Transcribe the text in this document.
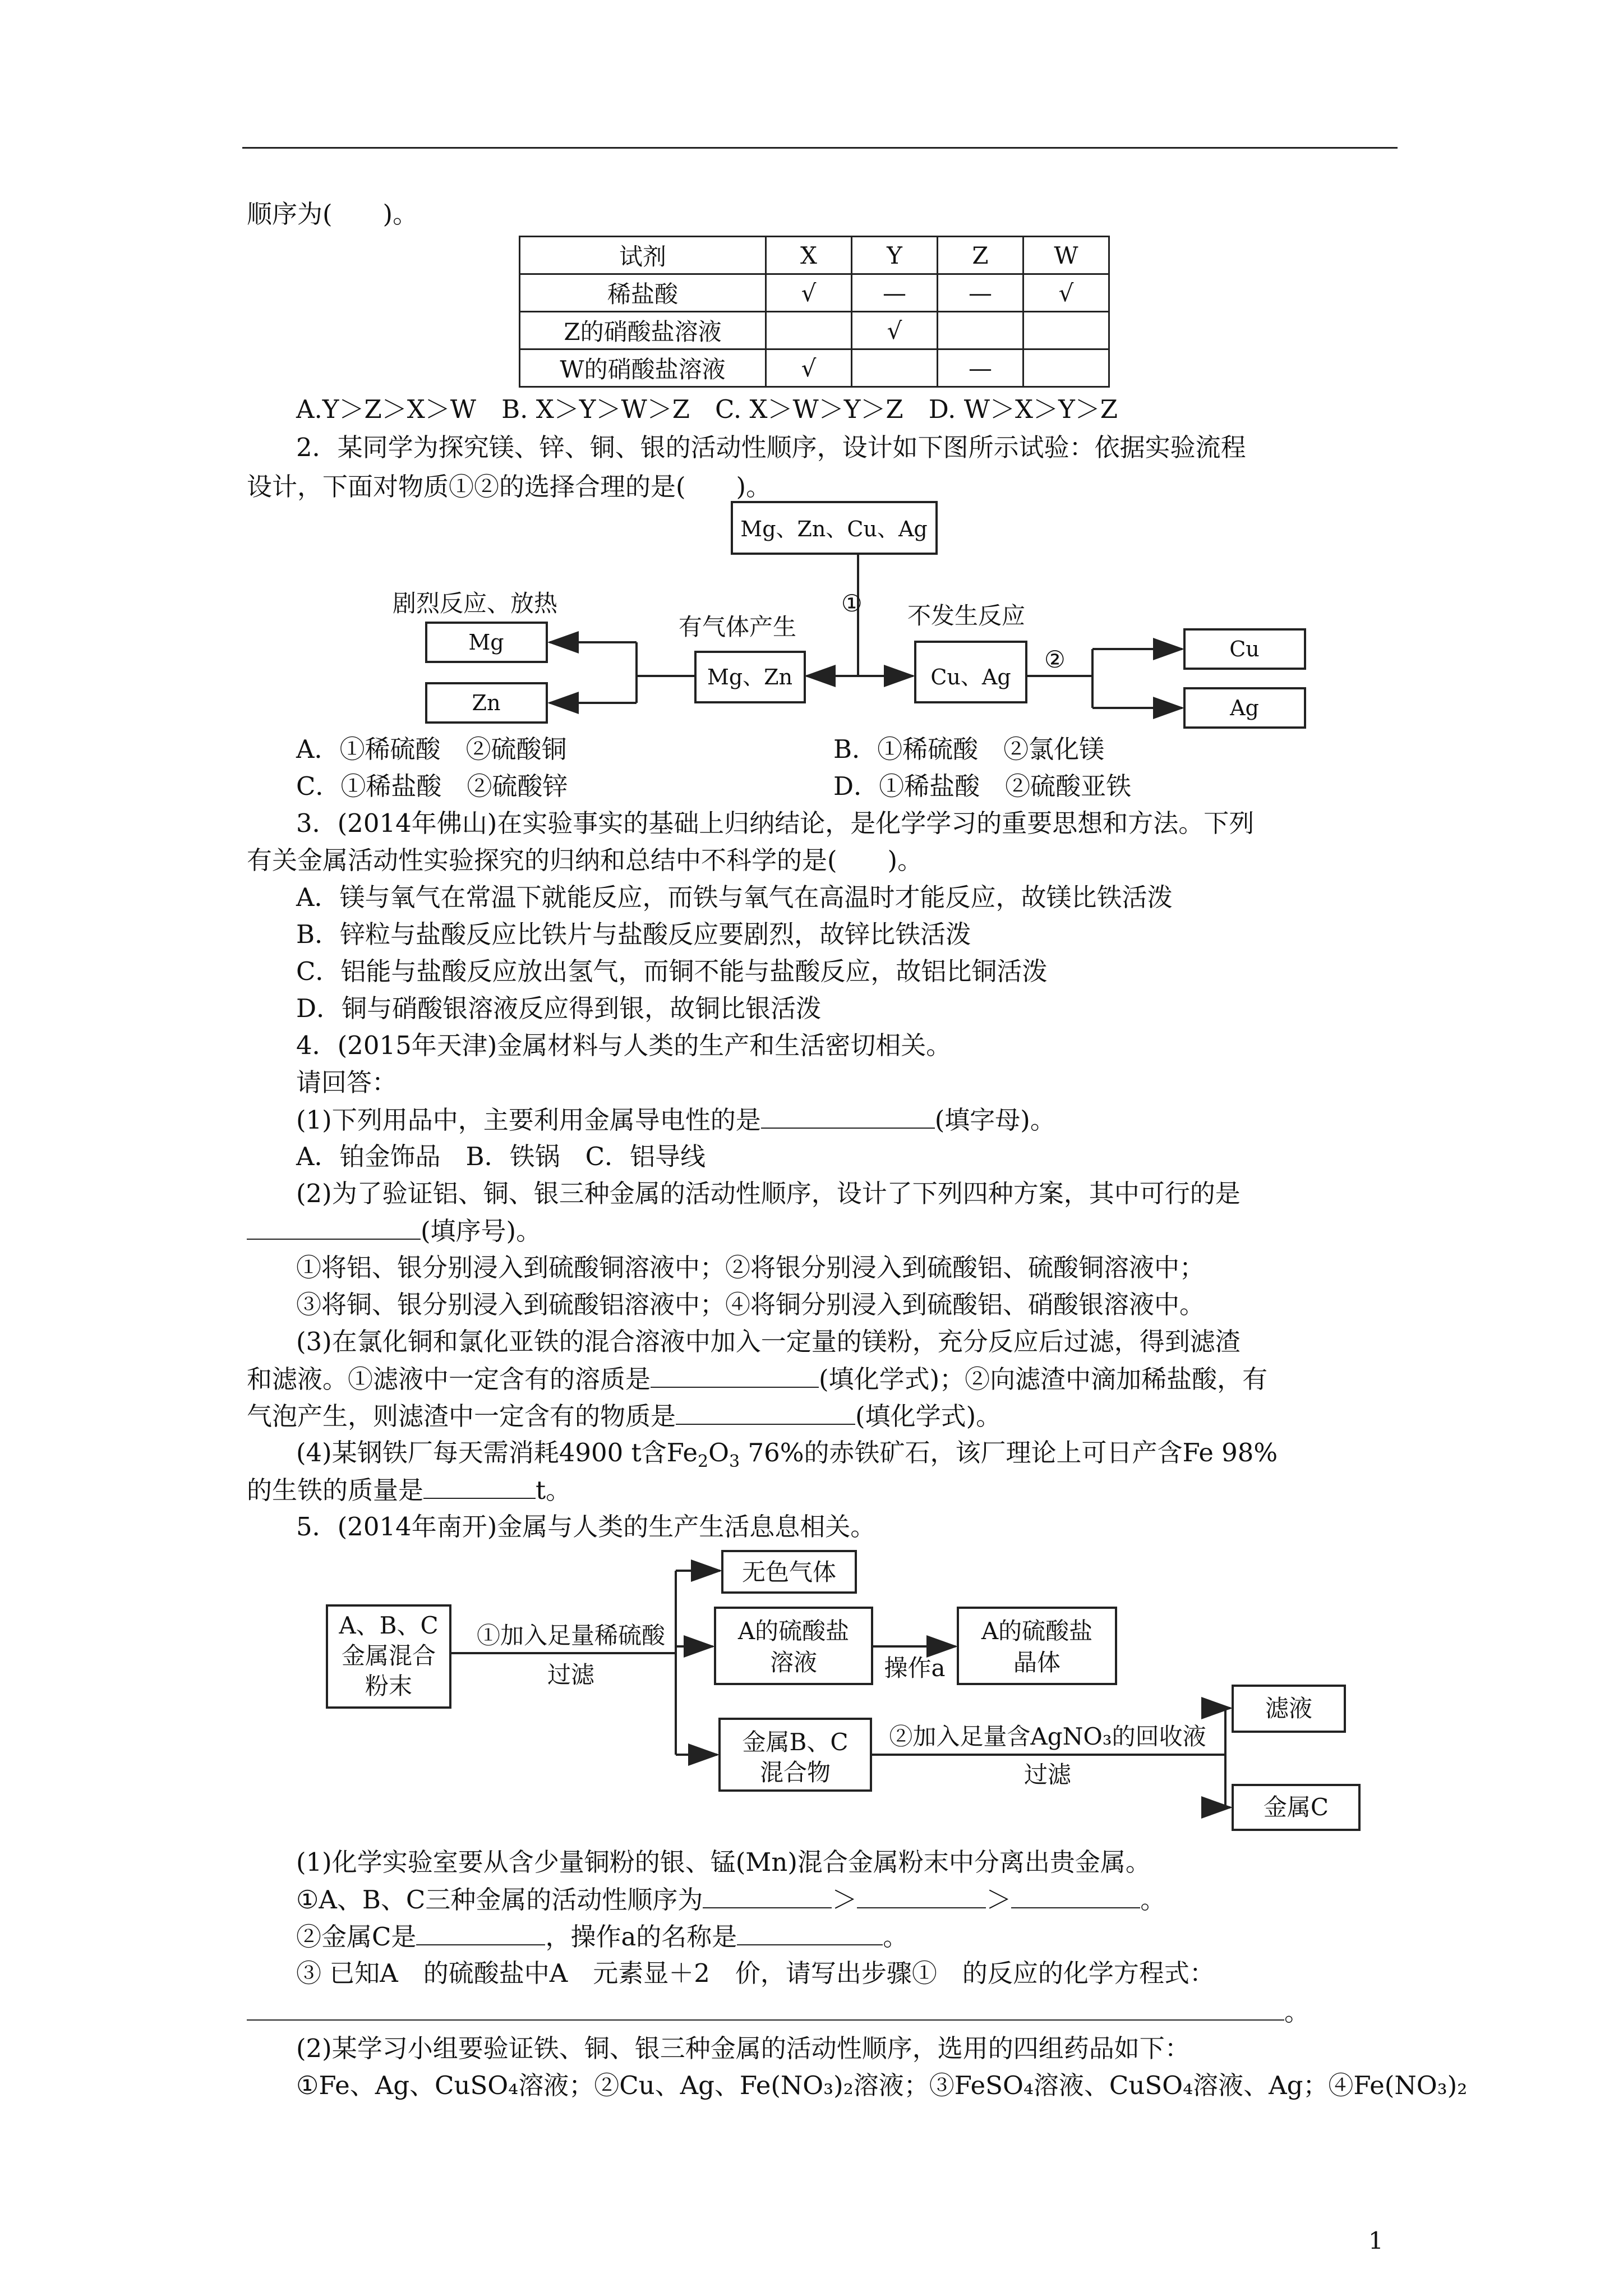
顺序为(　　)。
试剂	X	Y	Z	W
稀盐酸	√	—	—	√
Z的硝酸盐溶液		√		
W的硝酸盐溶液	√		—	
A.Y＞Z＞X＞W　B. X＞Y＞W＞Z　C. X＞W＞Y＞Z　D. W＞X＞Y＞Z
2．某同学为探究镁、锌、铜、银的活动性顺序，设计如下图所示试验：依据实验流程
设计，下面对物质①②的选择合理的是(　　)。
Mg、Zn、Cu、Ag
Mg、Zn	Cu、Ag
Mg
Zn
Cu
Ag
①
②
有气体产生	不发生反应
剧烈反应、放热
A．①稀硫酸　②硫酸铜	B．①稀硫酸　②氯化镁
C．①稀盐酸　②硫酸锌	D．①稀盐酸　②硫酸亚铁
3．(2014年佛山)在实验事实的基础上归纳结论，是化学学习的重要思想和方法。下列
有关金属活动性实验探究的归纳和总结中不科学的是(　　)。
A．镁与氧气在常温下就能反应，而铁与氧气在高温时才能反应，故镁比铁活泼
B．锌粒与盐酸反应比铁片与盐酸反应要剧烈，故锌比铁活泼
C．铝能与盐酸反应放出氢气，而铜不能与盐酸反应，故铝比铜活泼
D．铜与硝酸银溶液反应得到银，故铜比银活泼
4．(2015年天津)金属材料与人类的生产和生活密切相关。
请回答：
(1)下列用品中，主要利用金属导电性的是	(填字母)。
A．铂金饰品　B．铁锅　C．铝导线
(2)为了验证铝、铜、银三种金属的活动性顺序，设计了下列四种方案，其中可行的是
(填序号)。
①将铝、银分别浸入到硫酸铜溶液中；②将银分别浸入到硫酸铝、硫酸铜溶液中；
③将铜、银分别浸入到硫酸铝溶液中；④将铜分别浸入到硫酸铝、硝酸银溶液中。
(3)在氯化铜和氯化亚铁的混合溶液中加入一定量的镁粉，充分反应后过滤，得到滤渣
和滤液。①滤液中一定含有的溶质是	(填化学式)；②向滤渣中滴加稀盐酸，有
气泡产生，则滤渣中一定含有的物质是	(填化学式)。
(4)某钢铁厂每天需消耗4900 t含$Fe_2O_3$ 76%的赤铁矿石，该厂理论上可日产含Fe 98%
的生铁的质量是	t。
5．(2014年南开)金属与人类的生产生活息息相关。
A、B、C
金属混合
粉末
无色气体
A的硫酸盐
溶液
A的硫酸盐
晶体
金属B、C
混合物
滤液
金属C
①加入足量稀硫酸
过滤	操作a
②加入足量含AgNO₃的回收液
过滤
(1)化学实验室要从含少量铜粉的银、锰(Mn)混合金属粉末中分离出贵金属。
①A、B、C三种金属的活动性顺序为	＞	＞	。
②金属C是	，操作a的名称是	。
③ 已知A　的硫酸盐中A　元素显＋2　价，请写出步骤①　的反应的化学方程式：
。
(2)某学习小组要验证铁、铜、银三种金属的活动性顺序，选用的四组药品如下：
①Fe、Ag、CuSO₄溶液；②Cu、Ag、Fe(NO₃)₂溶液；③FeSO₄溶液、CuSO₄溶液、Ag；④Fe(NO₃)₂
1
